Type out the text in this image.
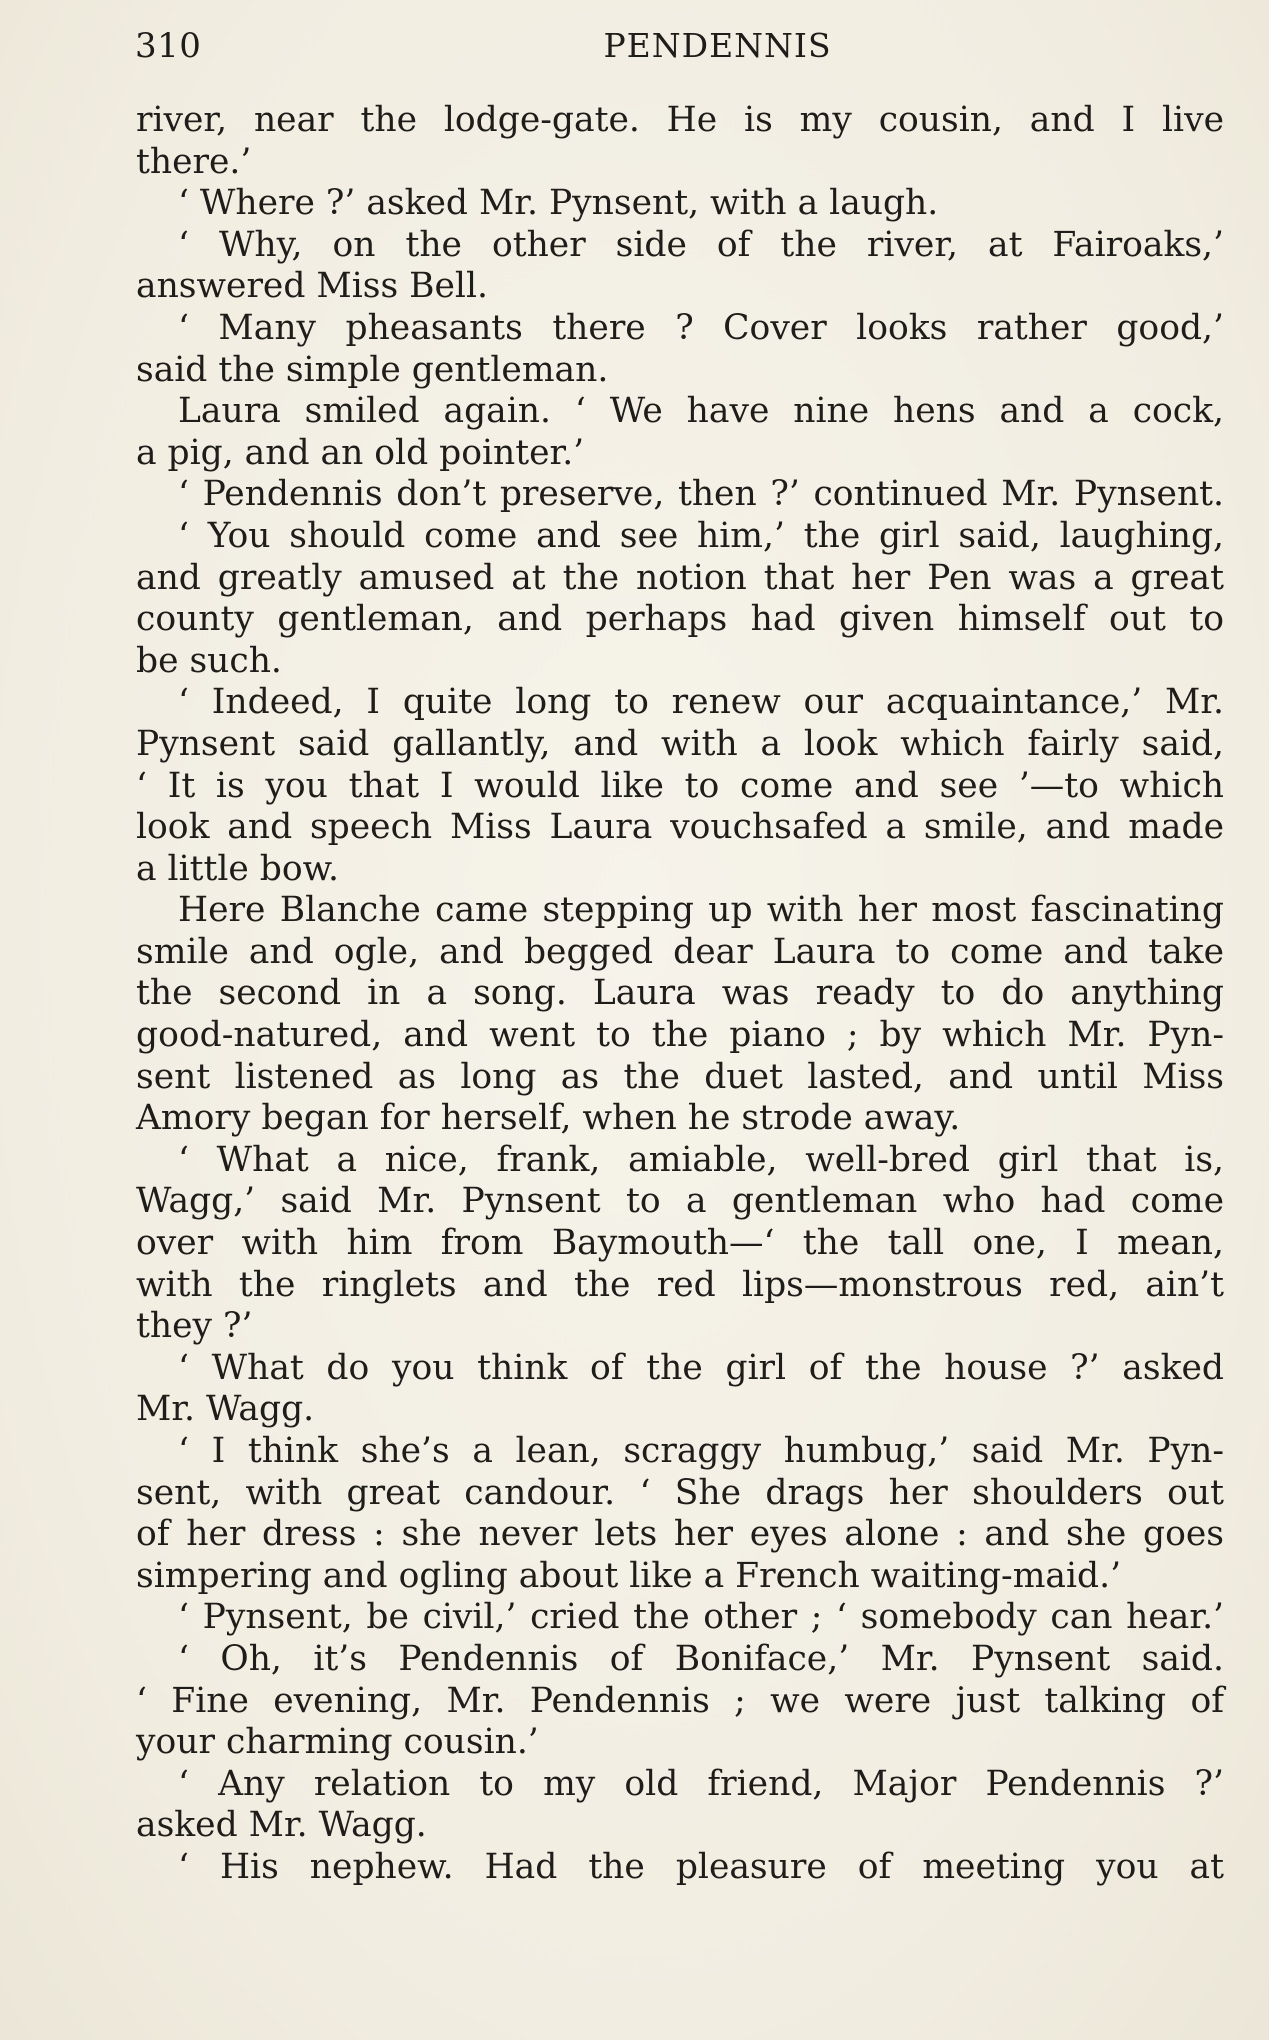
310	PENDENNIS
river, near the lodge-gate. He is my cousin, and I live
there.’
‘ Where ?’ asked Mr. Pynsent, with a laugh.
‘ Why, on the other side of the river, at Fairoaks,’
answered Miss Bell.
‘ Many pheasants there ? Cover looks rather good,’
said the simple gentleman.
Laura smiled again. ‘ We have nine hens and a cock,
a pig, and an old pointer.’
‘ Pendennis don’t preserve, then ?’ continued Mr. Pynsent.
‘ You should come and see him,’ the girl said, laughing,
and greatly amused at the notion that her Pen was a great
county gentleman, and perhaps had given himself out to
be such.
‘ Indeed, I quite long to renew our acquaintance,’ Mr.
Pynsent said gallantly, and with a look which fairly said,
‘ It is you that I would like to come and see ’—to which
look and speech Miss Laura vouchsafed a smile, and made
a little bow.
Here Blanche came stepping up with her most fascinating
smile and ogle, and begged dear Laura to come and take
the second in a song. Laura was ready to do anything
good-natured, and went to the piano ; by which Mr. Pyn-
sent listened as long as the duet lasted, and until Miss
Amory began for herself, when he strode away.
‘ What a nice, frank, amiable, well-bred girl that is,
Wagg,’ said Mr. Pynsent to a gentleman who had come
over with him from Baymouth—‘ the tall one, I mean,
with the ringlets and the red lips—monstrous red, ain’t
they ?’
‘ What do you think of the girl of the house ?’ asked
Mr. Wagg.
‘ I think she’s a lean, scraggy humbug,’ said Mr. Pyn-
sent, with great candour. ‘ She drags her shoulders out
of her dress : she never lets her eyes alone : and she goes
simpering and ogling about like a French waiting-maid.’
‘ Pynsent, be civil,’ cried the other ; ‘ somebody can hear.’
‘ Oh, it’s Pendennis of Boniface,’ Mr. Pynsent said.
‘ Fine evening, Mr. Pendennis ; we were just talking of
your charming cousin.’
‘ Any relation to my old friend, Major Pendennis ?’
asked Mr. Wagg.
‘ His nephew. Had the pleasure of meeting you at
